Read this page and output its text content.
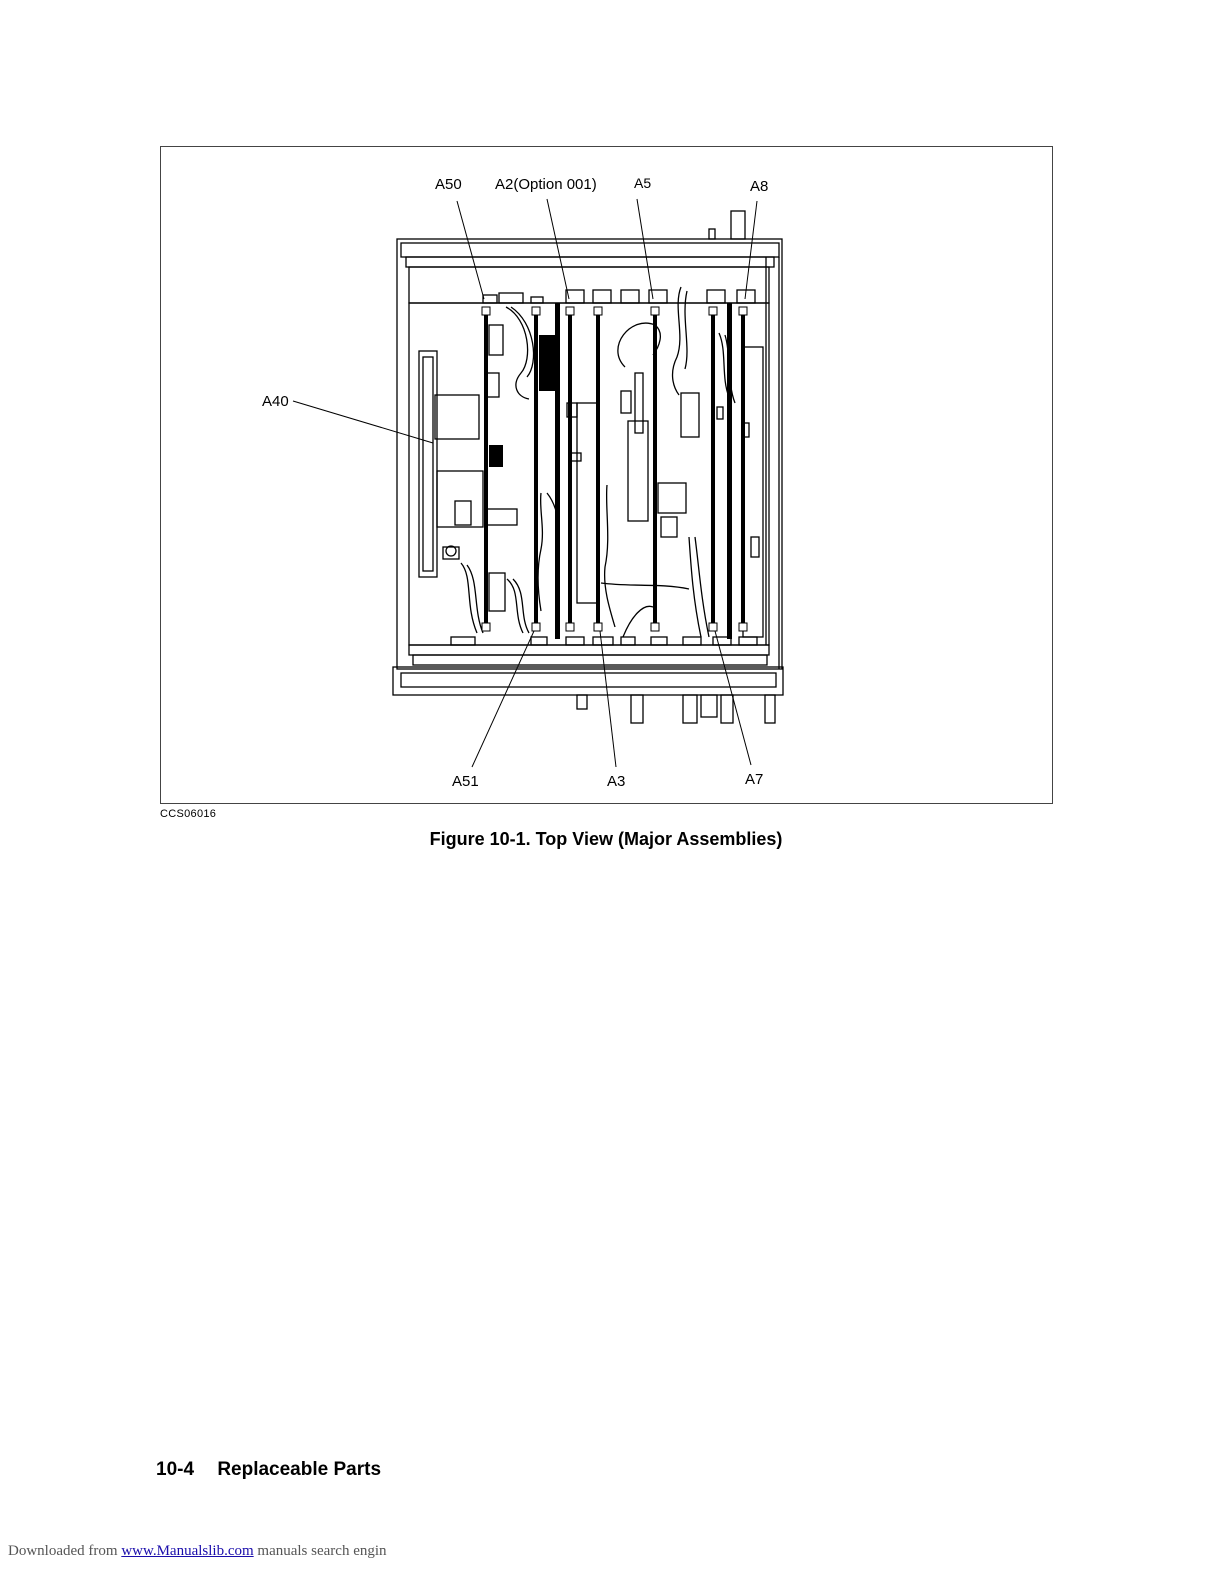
A50 A2(Option 001)	A5	A8
A40
A51	A3	A7
CCS06016
Figure 10-1. Top View (Major Assemblies)
10-4 Replaceable Parts
Downloaded from www.Manualslib.com manuals search engin
